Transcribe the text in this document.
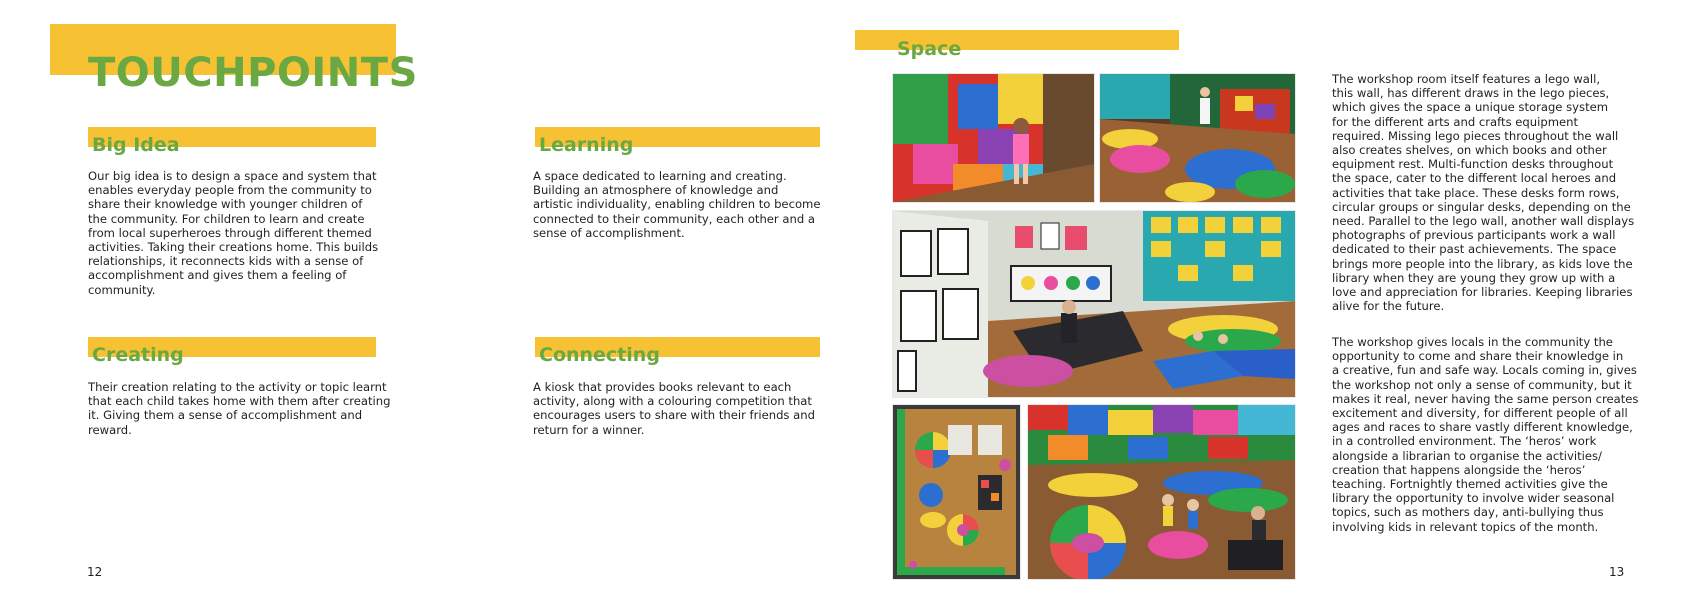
TOUCHPOINTS
Big Idea
Our big idea is to design a space and system that
enables everyday people from the community to
share their knowledge with younger children of
the community. For children to learn and create
from local superheroes through different themed
activities. Taking their creations home. This builds
relationships, it reconnects kids with a sense of
accomplishment and gives them a feeling of
community.
Learning
A space dedicated to learning and creating.
Building an atmosphere of knowledge and
artistic individuality, enabling children to become
connected to their community, each other and a
sense of accomplishment.
Creating
Their creation relating to the activity or topic learnt
that each child takes home with them after creating
it. Giving them a sense of accomplishment and
reward.
Connecting
A kiosk that provides books relevant to each
activity, along with a colouring competition that
encourages users to share with their friends and
return for a winner.
12
Space
The workshop room itself features a lego wall,
this wall, has different draws in the lego pieces,
which gives the space a unique storage system
for the different arts and crafts equipment
required. Missing lego pieces throughout the wall
also creates shelves, on which books and other
equipment rest. Multi-function desks throughout
the space, cater to the different local heroes and
activities that take place. These desks form rows,
circular groups or singular desks, depending on the
need. Parallel to the lego wall, another wall displays
photographs of previous participants work a wall
dedicated to their past achievements. The space
brings more people into the library, as kids love the
library when they are young they grow up with a
love and appreciation for libraries. Keeping libraries
alive for the future.
The workshop gives locals in the community the
opportunity to come and share their knowledge in
a creative, fun and safe way. Locals coming in, gives
the workshop not only a sense of community, but it
makes it real, never having the same person creates
excitement and diversity, for different people of all
ages and races to share vastly different knowledge,
in a controlled environment. The ‘heros’ work
alongside a librarian to organise the activities/
creation that happens alongside the ‘heros’
teaching. Fortnightly themed activities give the
library the opportunity to involve wider seasonal
topics, such as mothers day, anti-bullying thus
involving kids in relevant topics of the month.
13
